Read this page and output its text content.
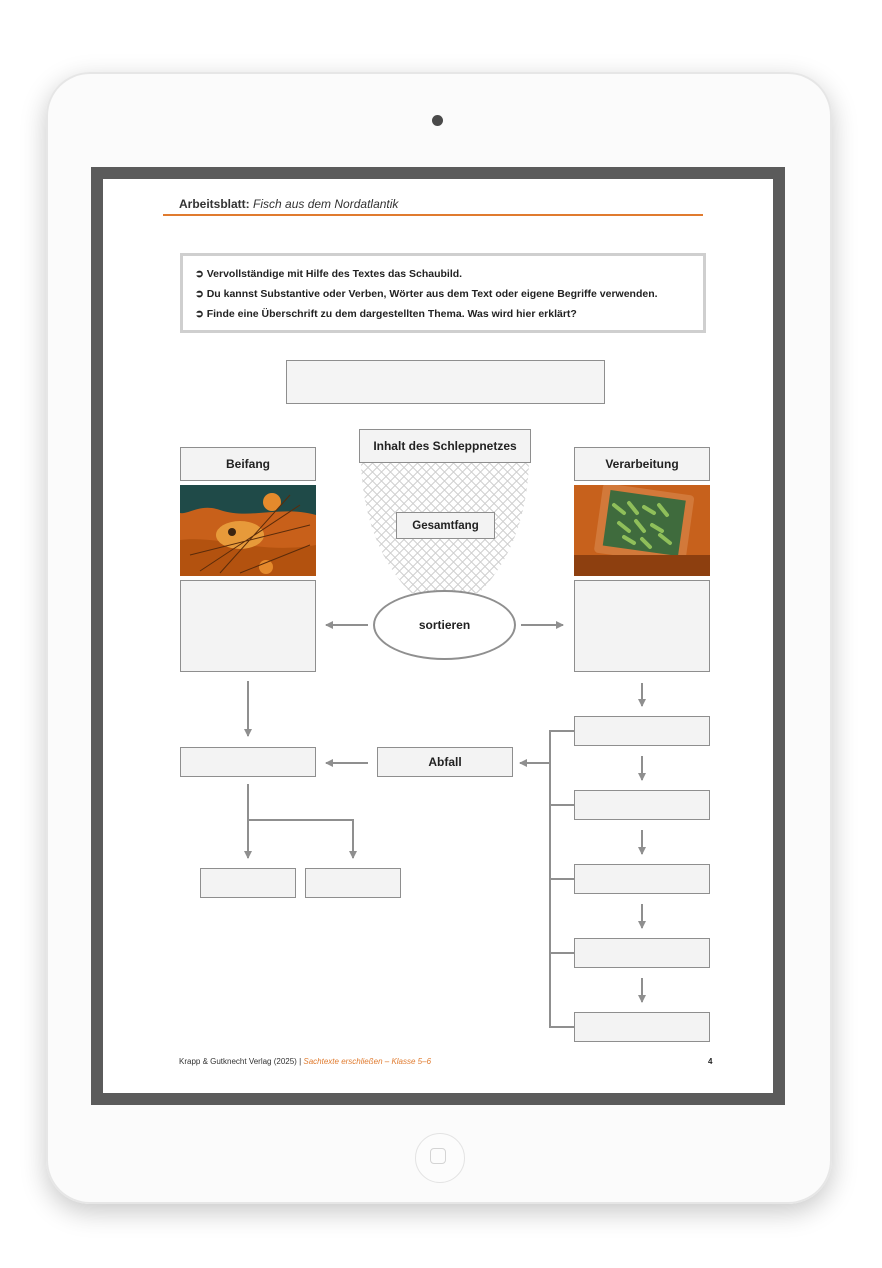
Arbeitsblatt: Fisch aus dem Nordatlantik
➲ Vervollständige mit Hilfe des Textes das Schaubild.
➲ Du kannst Substantive oder Verben, Wörter aus dem Text oder eigene Begriffe verwenden.
➲ Finde eine Überschrift zu dem dargestellten Thema. Was wird hier erklärt?
Beifang
Inhalt des Schleppnetzes
Verarbeitung
Gesamtfang
sortieren
Abfall
Krapp & Gutknecht Verlag (2025) | Sachtexte erschließen – Klasse 5–6	4
